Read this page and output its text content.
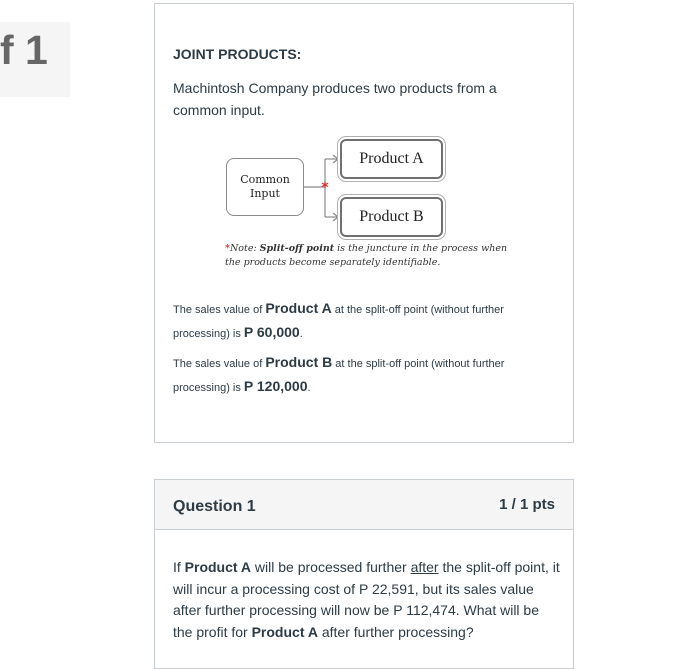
f 1	JOINT PRODUCTS:
Machintosh Company produces two products from a common input.
*
Common
Input
Product A
Product B
*Note: Split-off point is the juncture in the process when the products become separately identifiable.
The sales value of Product A at the split-off point (without further processing) is P 60,000.
The sales value of Product B at the split-off point (without further processing) is P 120,000.
Question 1	1 / 1 pts
If Product A will be processed further after the split-off point, it will incur a processing cost of P 22,591, but its sales value after further processing will now be P 112,474. What will be the profit for Product A after further processing?
